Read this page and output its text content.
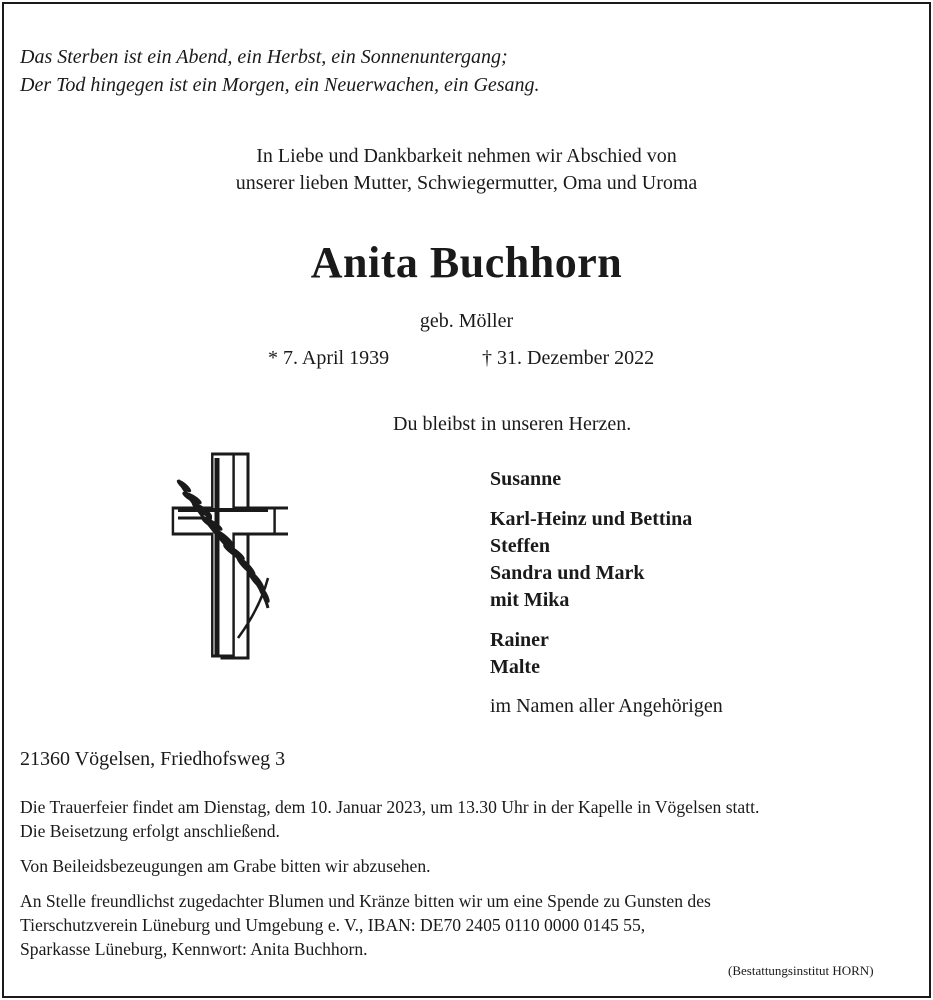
Das Sterben ist ein Abend, ein Herbst, ein Sonnenuntergang;
Der Tod hingegen ist ein Morgen, ein Neuerwachen, ein Gesang.
In Liebe und Dankbarkeit nehmen wir Abschied von
unserer lieben Mutter, Schwiegermutter, Oma und Uroma
Anita Buchhorn
geb. Möller
* 7. April 1939	† 31. Dezember 2022
Du bleibst in unseren Herzen.
Susanne
Karl-Heinz und Bettina
Steffen
Sandra und Mark
mit Mika
Rainer
Malte
im Namen aller Angehörigen
21360 Vögelsen, Friedhofsweg 3
Die Trauerfeier findet am Dienstag, dem 10. Januar 2023, um 13.30 Uhr in der Kapelle in Vögelsen statt.
Die Beisetzung erfolgt anschließend.
Von Beileidsbezeugungen am Grabe bitten wir abzusehen.
An Stelle freundlichst zugedachter Blumen und Kränze bitten wir um eine Spende zu Gunsten des
Tierschutzverein Lüneburg und Umgebung e. V., IBAN: DE70 2405 0110 0000 0145 55,
Sparkasse Lüneburg, Kennwort: Anita Buchhorn.
(Bestattungsinstitut HORN)
